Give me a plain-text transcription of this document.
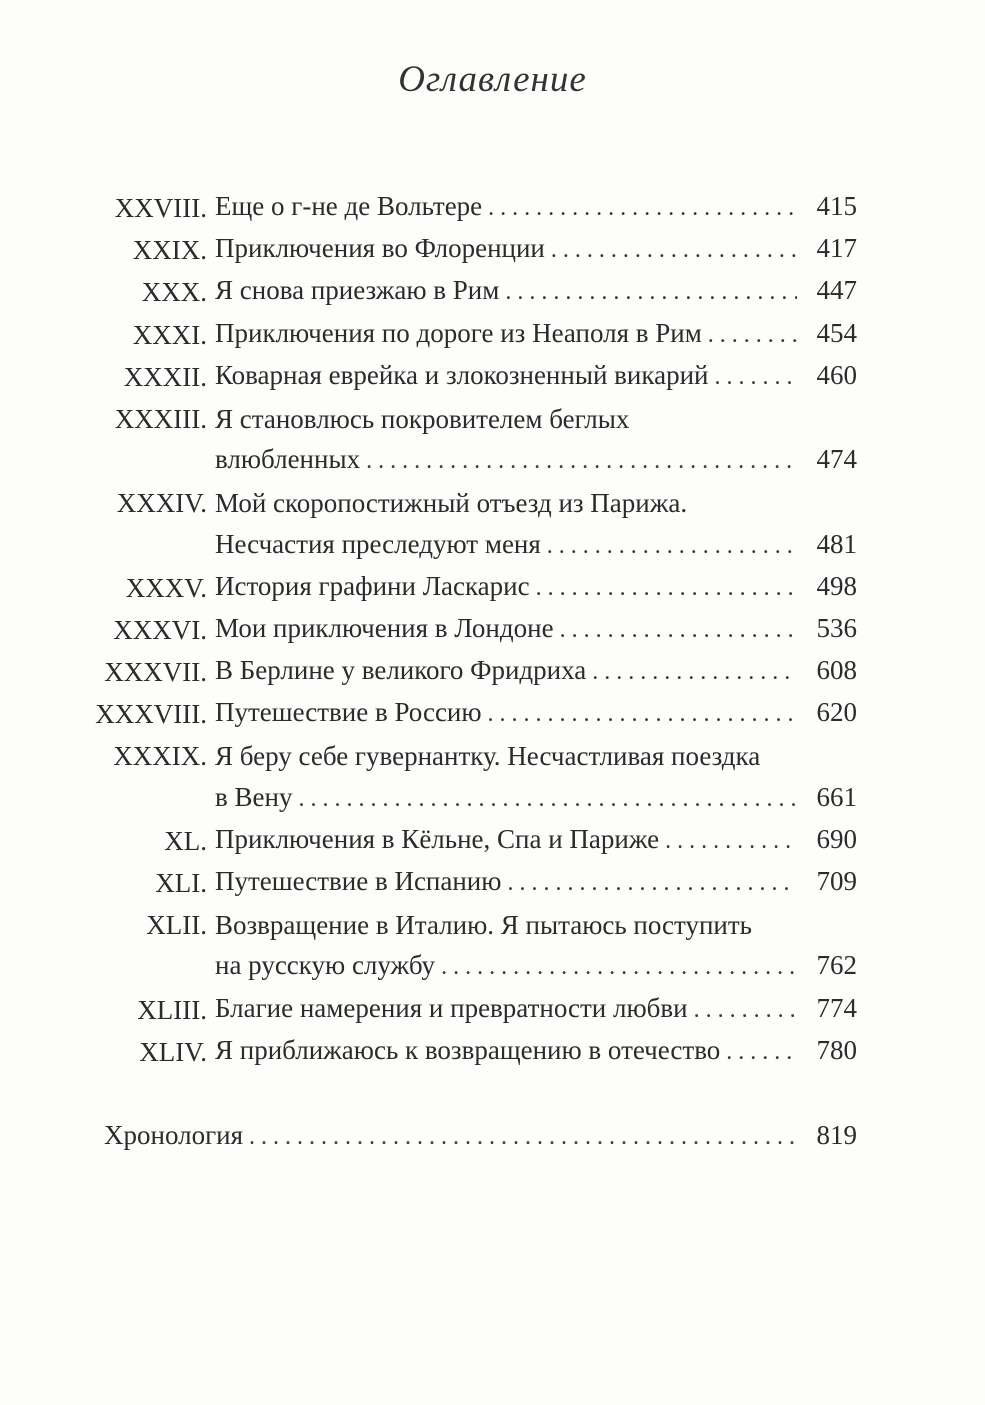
Оглавление
XXVIII. Еще о г-не де Вольтере . . .	415
XXIX. Приключения во Флоренции . . .	417
XXX. Я снова приезжаю в Рим . . .	447
XXXI. Приключения по дороге из Неаполя в Рим . . .	454
XXXII. Коварная еврейка и злокозненный викарий . . .	460
XXXIII. Я становлюсь покровителем беглых
влюбленных . . .	474
XXXIV. Мой скоропостижный отъезд из Парижа.
Несчастия преследуют меня . . .	481
XXXV. История графини Ласкарис . . .	498
XXXVI. Мои приключения в Лондоне . . .	536
XXXVII. В Берлине у великого Фридриха . . .	608
XXXVIII. Путешествие в Россию . . .	620
XXXIX. Я беру себе гувернантку. Несчастливая поездка
в Вену . . .	661
XL. Приключения в Кёльне, Спа и Париже . . .	690
XLI. Путешествие в Испанию . . .	709
XLII. Возвращение в Италию. Я пытаюсь поступить
на русскую службу . . .	762
XLIII. Благие намерения и превратности любви . . .	774
XLIV. Я приближаюсь к возвращению в отечество . . .	780
Хронология . . .	819
